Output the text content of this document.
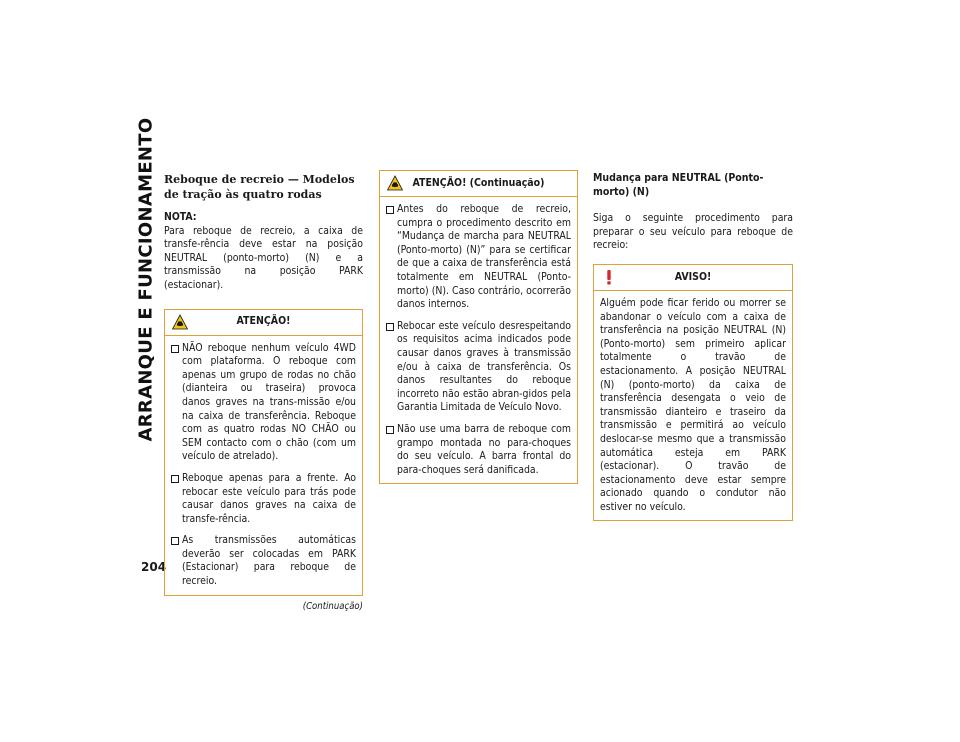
ARRANQUE E FUNCIONAMENTO
204
Reboque de recreio — Modelos de tração às quatro rodas

NOTA:

Para reboque de recreio, a caixa de transfe-rência deve estar na posição NEUTRAL (ponto-morto) (N) e a transmissão na posição PARK (estacionar).

ATENÇÃO!
NÃO reboque nenhum veículo 4WD com plataforma. O reboque com apenas um grupo de rodas no chão (dianteira ou traseira) provoca danos graves na trans-missão e/ou na caixa de transferência. Reboque com as quatro rodas NO CHÃO ou SEM contacto com o chão (com um veículo de atrelado).
Reboque apenas para a frente. Ao rebocar este veículo para trás pode causar danos graves na caixa de transfe-rência.
As transmissões automáticas deverão ser colocadas em PARK (Estacionar) para reboque de recreio.
(Continuação)
ATENÇÃO! (Continuação)
Antes do reboque de recreio, cumpra o procedimento descrito em “Mudança de marcha para NEUTRAL (Ponto-morto) (N)” para se certificar de que a caixa de transferência está totalmente em NEUTRAL (Ponto-morto) (N). Caso contrário, ocorrerão danos internos.
Rebocar este veículo desrespeitando os requisitos acima indicados pode causar danos graves à transmissão e/ou à caixa de transferência. Os danos resultantes do reboque incorreto não estão abran-gidos pela Garantia Limitada de Veículo Novo.
Não use uma barra de reboque com grampo montada no para-choques do seu veículo. A barra frontal do para-choques será danificada.
Mudança para NEUTRAL (Ponto-morto) (N)

Siga o seguinte procedimento para preparar o seu veículo para reboque de recreio:

AVISO!

Alguém pode ficar ferido ou morrer se abandonar o veículo com a caixa de transferência na posição NEUTRAL (N)(Ponto-morto) sem primeiro aplicar totalmente o travão de estacionamento. A posição NEUTRAL (N) (ponto-morto) da caixa de transferência desengata o veio de transmissão dianteiro e traseiro da transmissão e permitirá ao veículo deslocar-se mesmo que a transmissão automática esteja em PARK (estacionar). O travão de estacionamento deve estar sempre acionado quando o condutor não estiver no veículo.
